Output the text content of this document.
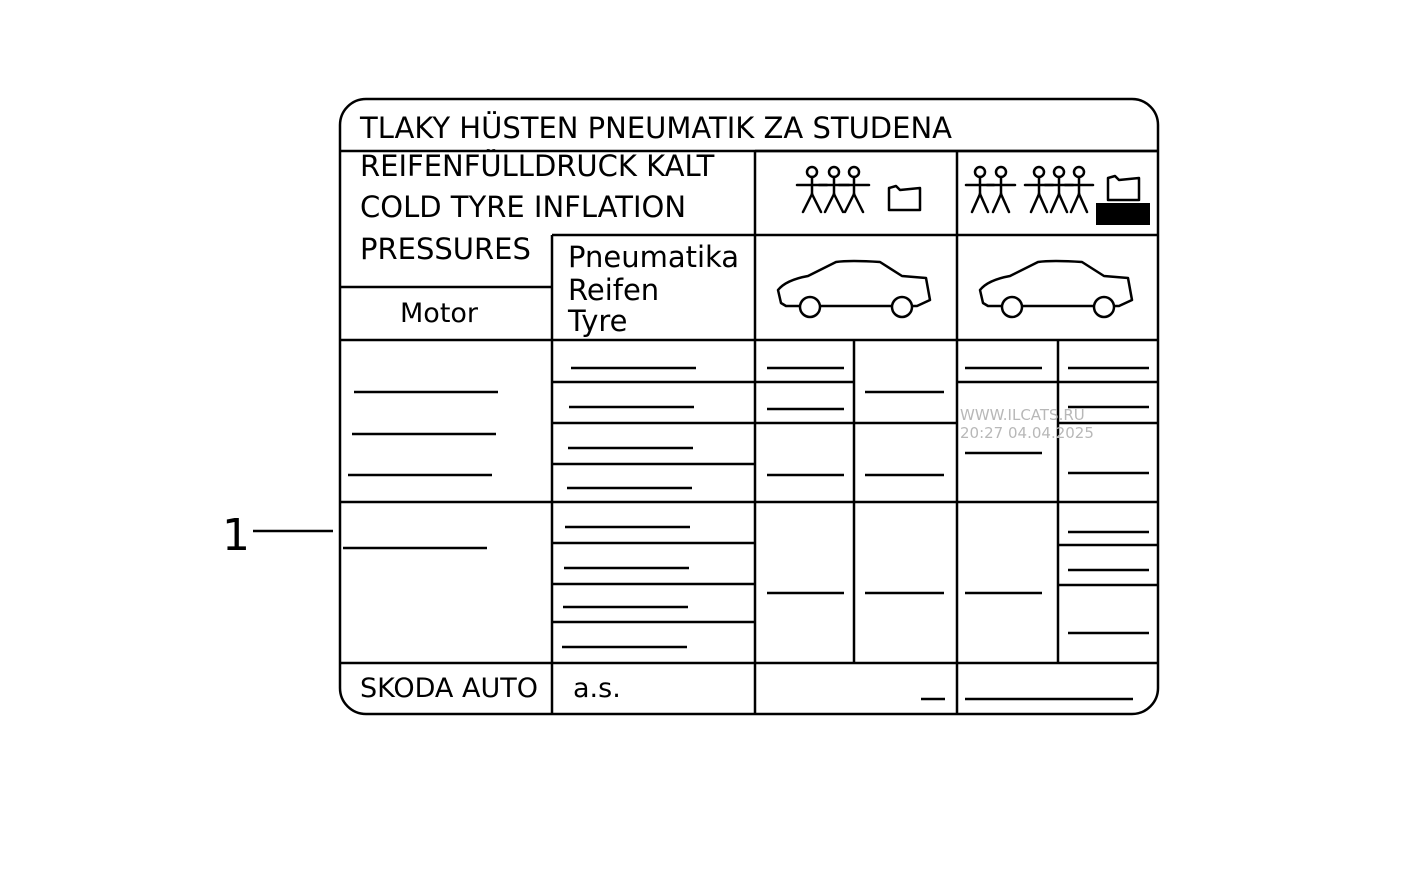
TLAKY HÜSTEN PNEUMATIK ZA STUDENA
REIFENFÜLLDRUCK KALT
COLD TYRE INFLATION
PRESSURES
Motor
Pneumatika
Reifen
Tyre
SKODA AUTO a.s.
1
WWW.ILCATS.RU
20:27 04.04.2025
